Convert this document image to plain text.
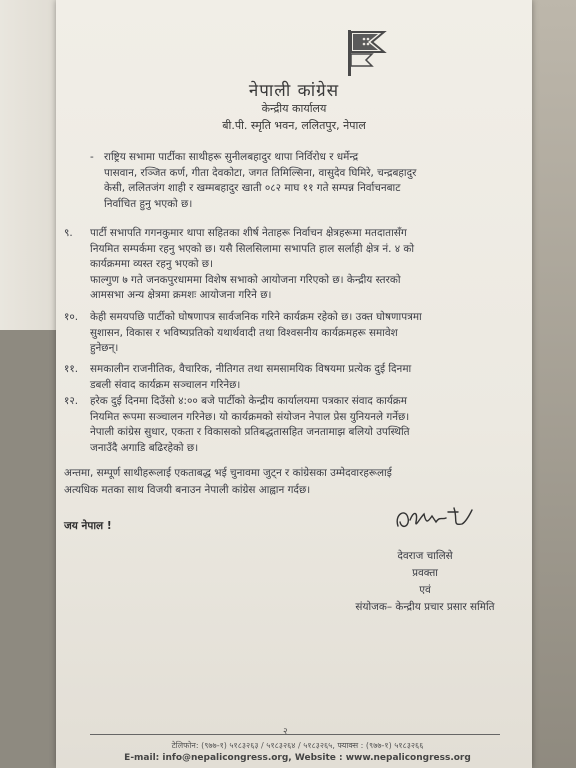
नेपाली कांग्रेस
केन्द्रीय कार्यालय
बी.पी. स्मृति भवन, ललितपुर, नेपाल
- राष्ट्रिय सभामा पार्टीका साथीहरू सुनीलबहादुर थापा निर्विरोध र धर्मेन्द्र
पासवान, रञ्जित कर्ण, गीता देवकोटा, जगत तिमिल्सिना, वासुदेव घिमिरे, चन्द्रबहादुर
केसी, ललितजंग शाही र खम्मबहादुर खाती ०८२ माघ ११ गते सम्पन्न निर्वाचनबाट
निर्वाचित हुनु भएको छ।
९. पार्टी सभापति गगनकुमार थापा सहितका शीर्ष नेताहरू निर्वाचन क्षेत्रहरूमा मतदातासँग
नियमित सम्पर्कमा रहनु भएको छ। यसै सिलसिलामा सभापति हाल सर्लाही क्षेत्र नं. ४ को
कार्यक्रममा व्यस्त रहनु भएको छ।
फाल्गुण ७ गते जनकपुरधाममा विशेष सभाको आयोजना गरिएको छ। केन्द्रीय स्तरको
आमसभा अन्य क्षेत्रमा क्रमशः आयोजना गरिने छ।
१०. केही समयपछि पार्टीको घोषणापत्र सार्वजनिक गरिने कार्यक्रम रहेको छ। उक्त घोषणापत्रमा
सुशासन, विकास र भविष्यप्रतिको यथार्थवादी तथा विश्वसनीय कार्यक्रमहरू समावेश
हुनेछन्।
११. समकालीन राजनीतिक, वैचारिक, नीतिगत तथा समसामयिक विषयमा प्रत्येक दुई दिनमा
डबली संवाद कार्यक्रम सञ्चालन गरिनेछ।
१२. हरेक दुई दिनमा दिउँसो ४:०० बजे पार्टीको केन्द्रीय कार्यालयमा पत्रकार संवाद कार्यक्रम
नियमित रूपमा सञ्चालन गरिनेछ। यो कार्यक्रमको संयोजन नेपाल प्रेस युनियनले गर्नेछ।
नेपाली कांग्रेस सुधार, एकता र विकासको प्रतिबद्धतासहित जनतामाझ बलियो उपस्थिति
जनाउँदै अगाडि बढिरहेको छ।
अन्तमा, सम्पूर्ण साथीहरूलाई एकताबद्ध भई चुनावमा जुट्न र कांग्रेसका उम्मेदवारहरूलाई
अत्यधिक मतका साथ विजयी बनाउन नेपाली कांग्रेस आह्वान गर्दछ।
जय नेपाल !
देवराज चालिसे
प्रवक्ता
एवं
संयोजक– केन्द्रीय प्रचार प्रसार समिति
२
टेलिफोन: (९७७-१) ५१८३२६३ / ५१८३२६४ / ५१८३२६५, फ्याक्स : (९७७-१) ५१८३२६६
E-mail: info@nepalicongress.org, Website : www.nepalicongress.org
